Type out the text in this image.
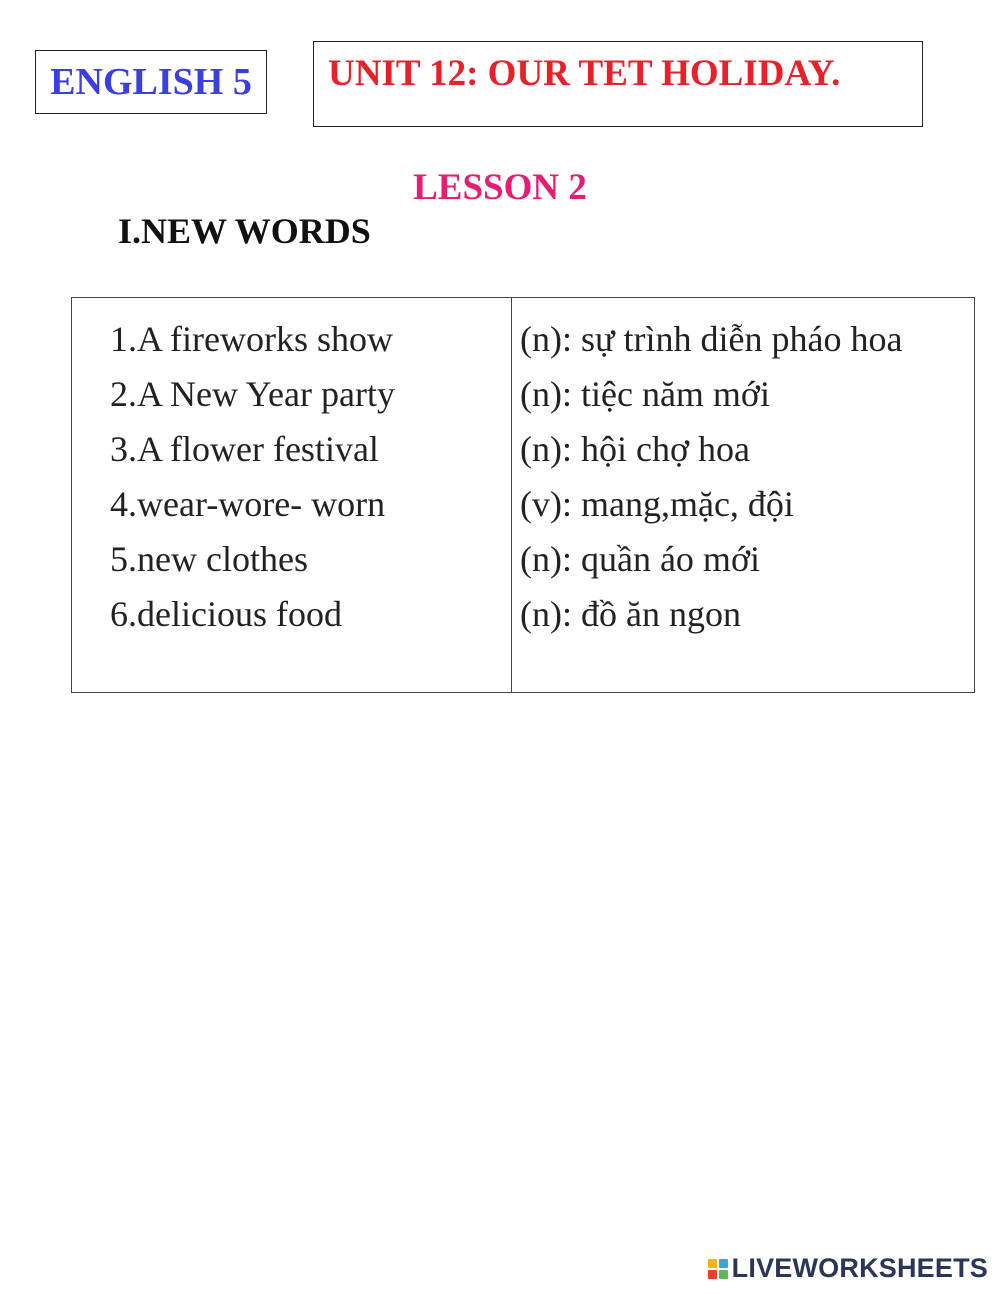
ENGLISH 5	UNIT 12: OUR TET HOLIDAY.
LESSON 2
I.NEW WORDS
1.A fireworks show
2.A New Year party
3.A flower festival
4.wear-wore- worn
5.new clothes
6.delicious food
(n): sự trình diễn pháo hoa
(n): tiệc năm mới
(n): hội chợ hoa
(v): mang,mặc, đội
(n): quần áo mới
(n): đồ ăn ngon
LIVEWORKSHEETS
